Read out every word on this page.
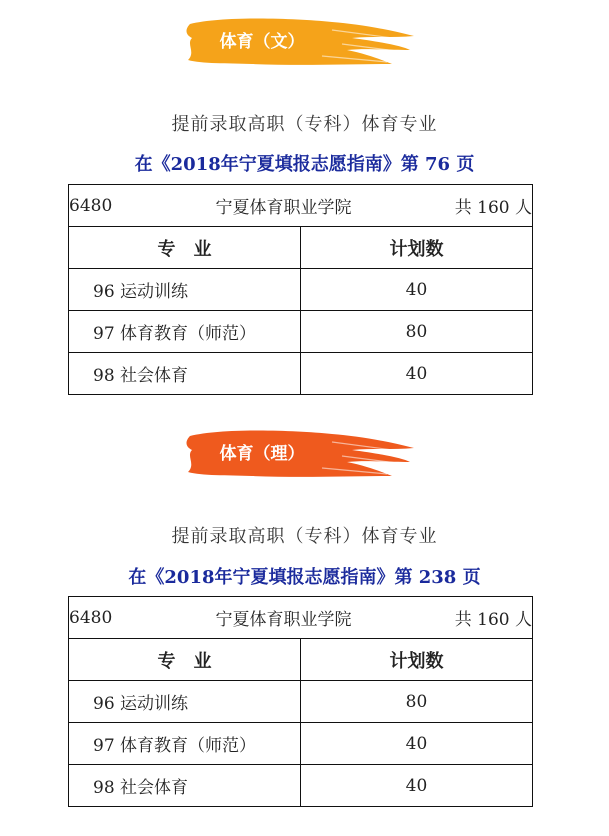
体育（文）
提前录取高职（专科）体育专业
在《2018年宁夏填报志愿指南》第 76 页
6480 宁夏体育职业学院 共 160 人	

专　业	计划数
96 运动训练	40
97 体育教育（师范）	80
98 社会体育	40
体育（理）
提前录取高职（专科）体育专业
在《2018年宁夏填报志愿指南》第 238 页
6480 宁夏体育职业学院 共 160 人	

专　业	计划数
96 运动训练	80
97 体育教育（师范）	40
98 社会体育	40
